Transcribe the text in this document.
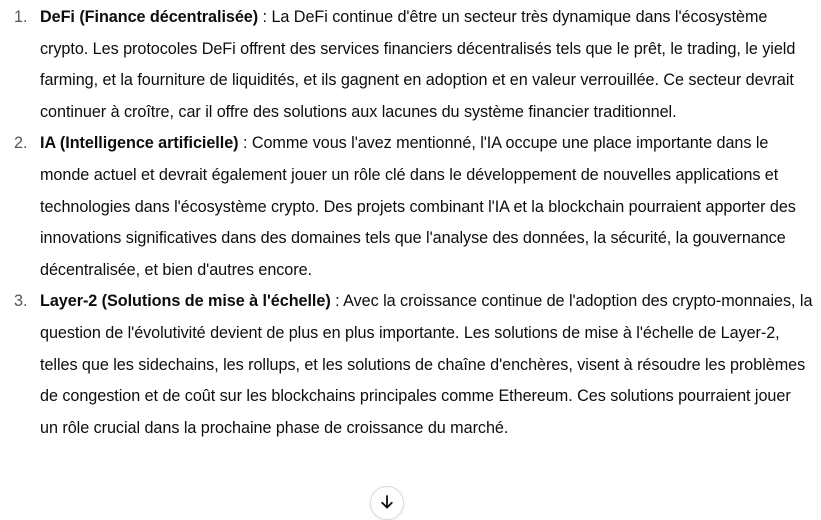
1. DeFi (Finance décentralisée) : La DeFi continue d'être un secteur très dynamique dans l'écosystème crypto. Les protocoles DeFi offrent des services financiers décentralisés tels que le prêt, le trading, le yield farming, et la fourniture de liquidités, et ils gagnent en adoption et en valeur verrouillée. Ce secteur devrait continuer à croître, car il offre des solutions aux lacunes du système financier traditionnel.
2. IA (Intelligence artificielle) : Comme vous l'avez mentionné, l'IA occupe une place importante dans le monde actuel et devrait également jouer un rôle clé dans le développement de nouvelles applications et technologies dans l'écosystème crypto. Des projets combinant l'IA et la blockchain pourraient apporter des innovations significatives dans des domaines tels que l'analyse des données, la sécurité, la gouvernance décentralisée, et bien d'autres encore.
3. Layer-2 (Solutions de mise à l'échelle) : Avec la croissance continue de l'adoption des crypto-monnaies, la question de l'évolutivité devient de plus en plus importante. Les solutions de mise à l'échelle de Layer-2, telles que les sidechains, les rollups, et les solutions de chaîne d'enchères, visent à résoudre les problèmes de congestion et de coût sur les blockchains principales comme Ethereum. Ces solutions pourraient jouer un rôle crucial dans la prochaine phase de croissance du marché.
